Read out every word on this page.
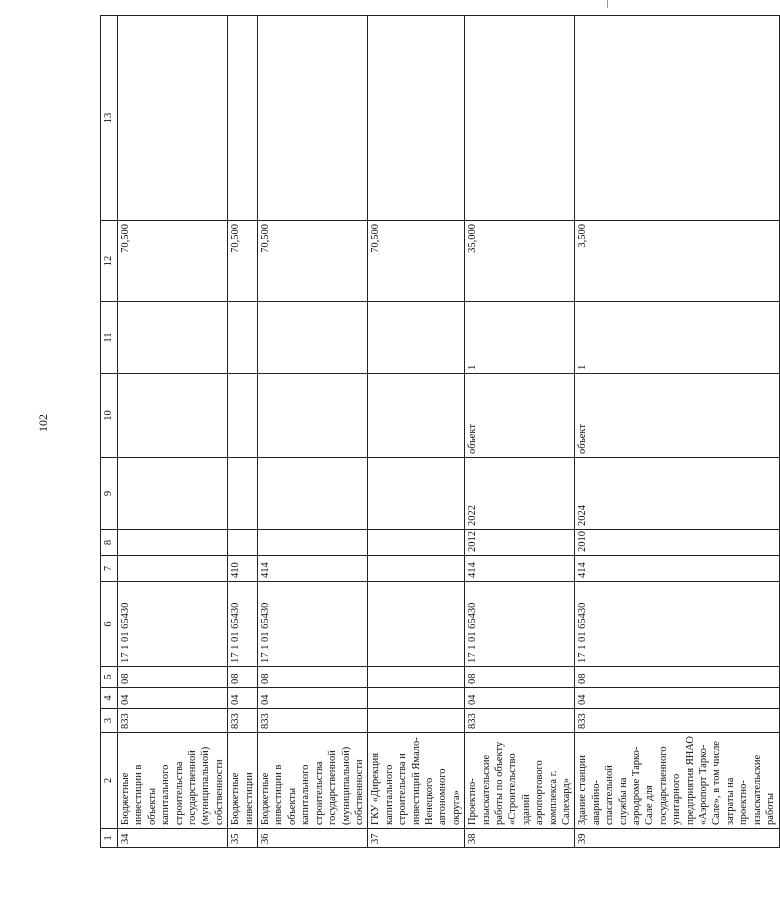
102
1	2	3	4	5	6	7	8	9	10	11	12	13
34	Бюджетные инвестиции в объекты капитального строительства государственной (муниципальной) собственности	833	04	08	17 1 01 65430						70,500	
35	Бюджетные инвестиции	833	04	08	17 1 01 65430	410					70,500	
36	Бюджетные инвестиции в объекты капитального строительства государственной (муниципальной) собственности	833	04	08	17 1 01 65430	414					70,500	
37	ГКУ «Дирекция капитального строительства и инвестиций Ямало-Ненецкого автономного округа»										70,500	
38	Проектно-изыскательские работы по объекту «Строительство зданий аэропортового комплекса г. Салехард»	833	04	08	17 1 01 65430	414	2012	2022	объект	1	35,000	
39	Здание станции аварийно-спасательной службы на аэродроме Тарко-Сале для государственного унитарного предприятия ЯНАО «Аэропорт Тарко-Сале», в том числе затраты на проектно-изыскательские работы	833	04	08	17 1 01 65430	414	2010	2024	объект	1	3,500	
